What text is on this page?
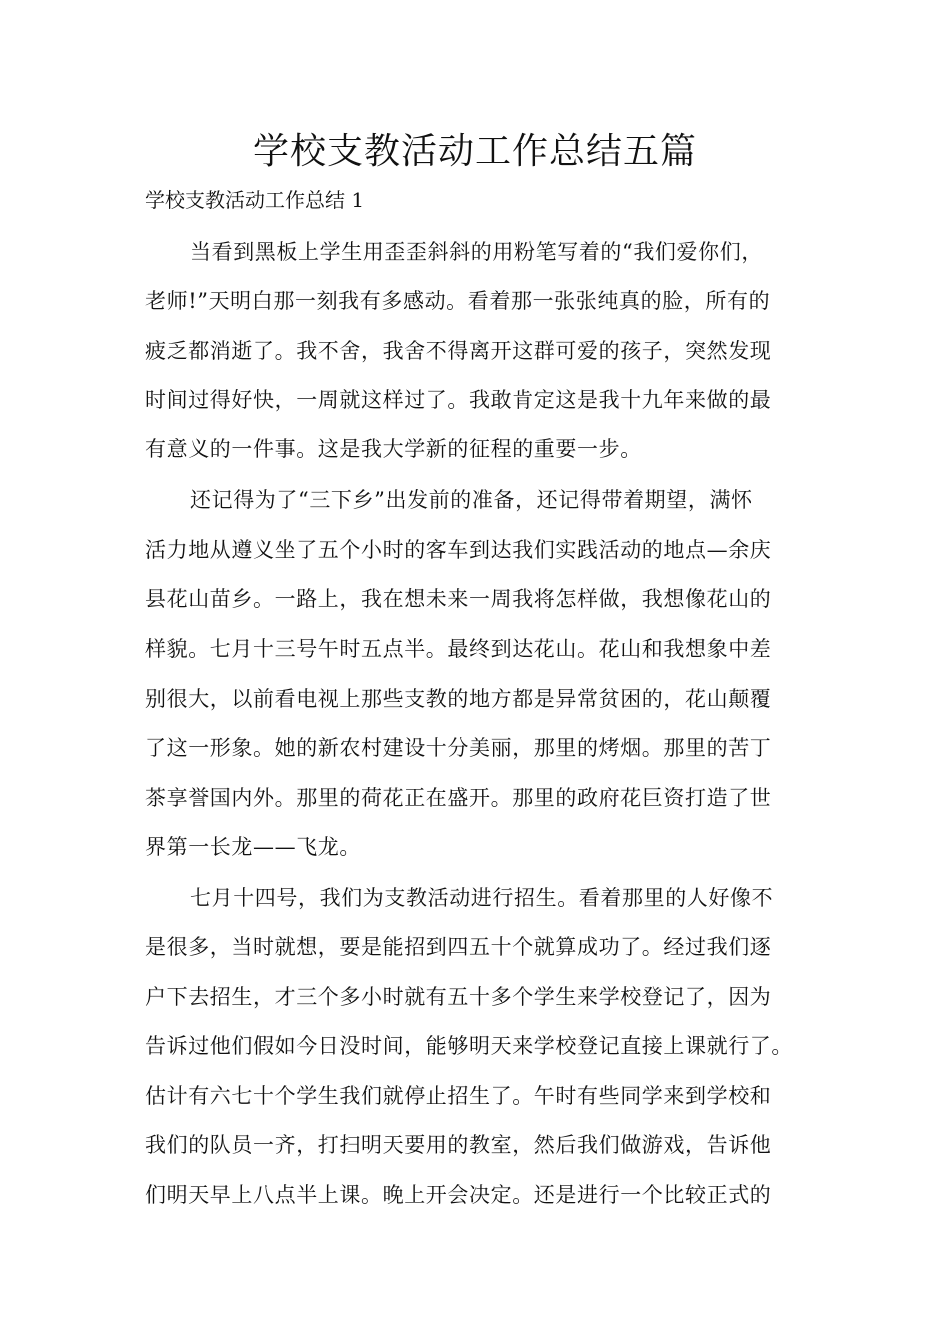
学校支教活动工作总结五篇
学校支教活动工作总结 1
当看到黑板上学生用歪歪斜斜的用粉笔写着的“我们爱你们，
老师!”天明白那一刻我有多感动。看着那一张张纯真的脸，所有的
疲乏都消逝了。我不舍，我舍不得离开这群可爱的孩子，突然发现
时间过得好快，一周就这样过了。我敢肯定这是我十九年来做的最
有意义的一件事。这是我大学新的征程的重要一步。
还记得为了“三下乡”出发前的准备，还记得带着期望，满怀
活力地从遵义坐了五个小时的客车到达我们实践活动的地点—余庆
县花山苗乡。一路上，我在想未来一周我将怎样做，我想像花山的
样貌。七月十三号午时五点半。最终到达花山。花山和我想象中差
别很大，以前看电视上那些支教的地方都是异常贫困的，花山颠覆
了这一形象。她的新农村建设十分美丽，那里的烤烟。那里的苦丁
茶享誉国内外。那里的荷花正在盛开。那里的政府花巨资打造了世
界第一长龙——飞龙。
七月十四号，我们为支教活动进行招生。看着那里的人好像不
是很多，当时就想，要是能招到四五十个就算成功了。经过我们逐
户下去招生，才三个多小时就有五十多个学生来学校登记了，因为
告诉过他们假如今日没时间，能够明天来学校登记直接上课就行了。
估计有六七十个学生我们就停止招生了。午时有些同学来到学校和
我们的队员一齐，打扫明天要用的教室，然后我们做游戏，告诉他
们明天早上八点半上课。晚上开会决定。还是进行一个比较正式的
